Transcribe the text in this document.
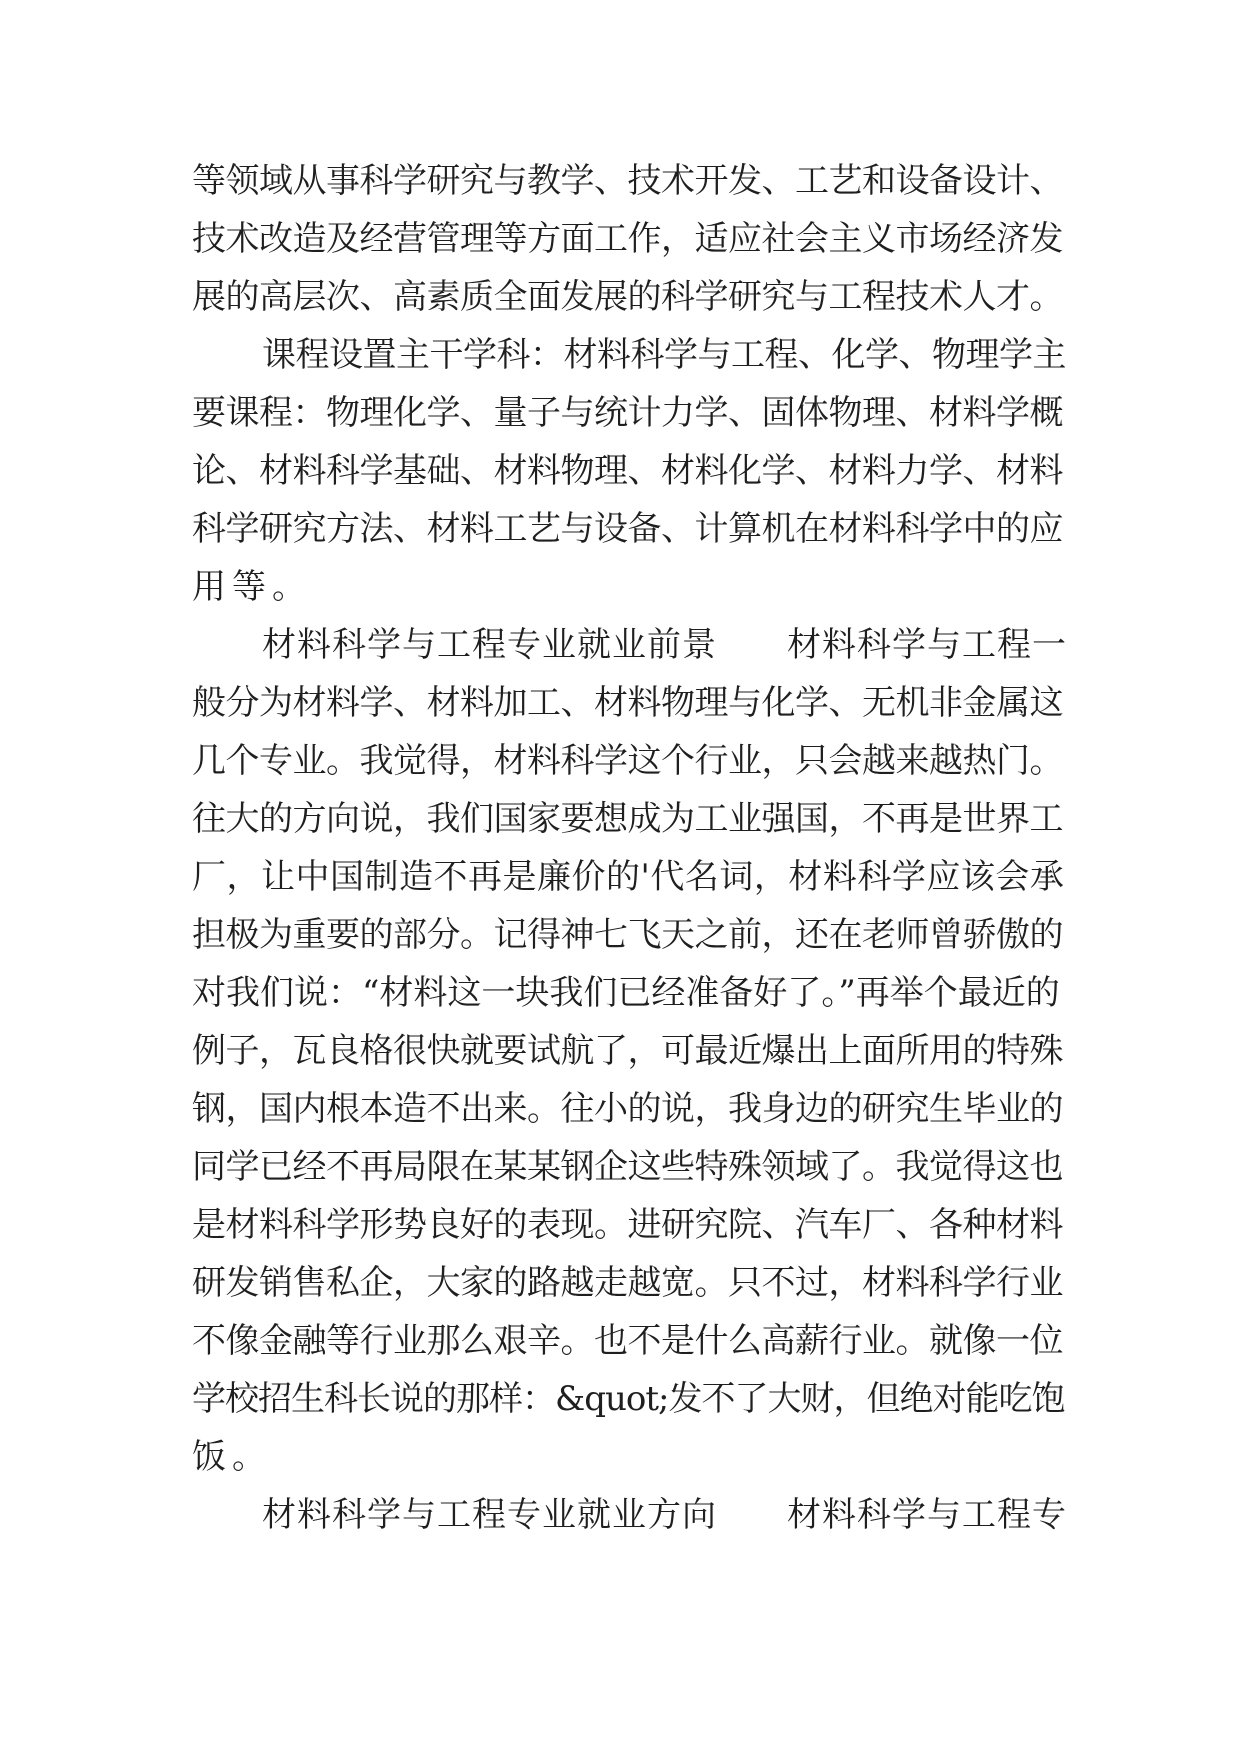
等领域从事科学研究与教学、技术开发、工艺和设备设计、
技术改造及经营管理等方面工作，适应社会主义市场经济发
展的高层次、高素质全面发展的科学研究与工程技术人才。
课程设置主干学科：材料科学与工程、化学、物理学主
要课程：物理化学、量子与统计力学、固体物理、材料学概
论、材料科学基础、材料物理、材料化学、材料力学、材料
科学研究方法、材料工艺与设备、计算机在材料科学中的应
用等。
材料科学与工程专业就业前景　　材料科学与工程一
般分为材料学、材料加工、材料物理与化学、无机非金属这
几个专业。我觉得，材料科学这个行业，只会越来越热门。
往大的方向说，我们国家要想成为工业强国，不再是世界工
厂，让中国制造不再是廉价的'代名词，材料科学应该会承
担极为重要的部分。记得神七飞天之前，还在老师曾骄傲的
对我们说：“材料这一块我们已经准备好了。”再举个最近的
例子，瓦良格很快就要试航了，可最近爆出上面所用的特殊
钢，国内根本造不出来。往小的说，我身边的研究生毕业的
同学已经不再局限在某某钢企这些特殊领域了。我觉得这也
是材料科学形势良好的表现。进研究院、汽车厂、各种材料
研发销售私企，大家的路越走越宽。只不过，材料科学行业
不像金融等行业那么艰辛。也不是什么高薪行业。就像一位
学校招生科长说的那样：&quot;发不了大财，但绝对能吃饱
饭。
材料科学与工程专业就业方向　　材料科学与工程专
